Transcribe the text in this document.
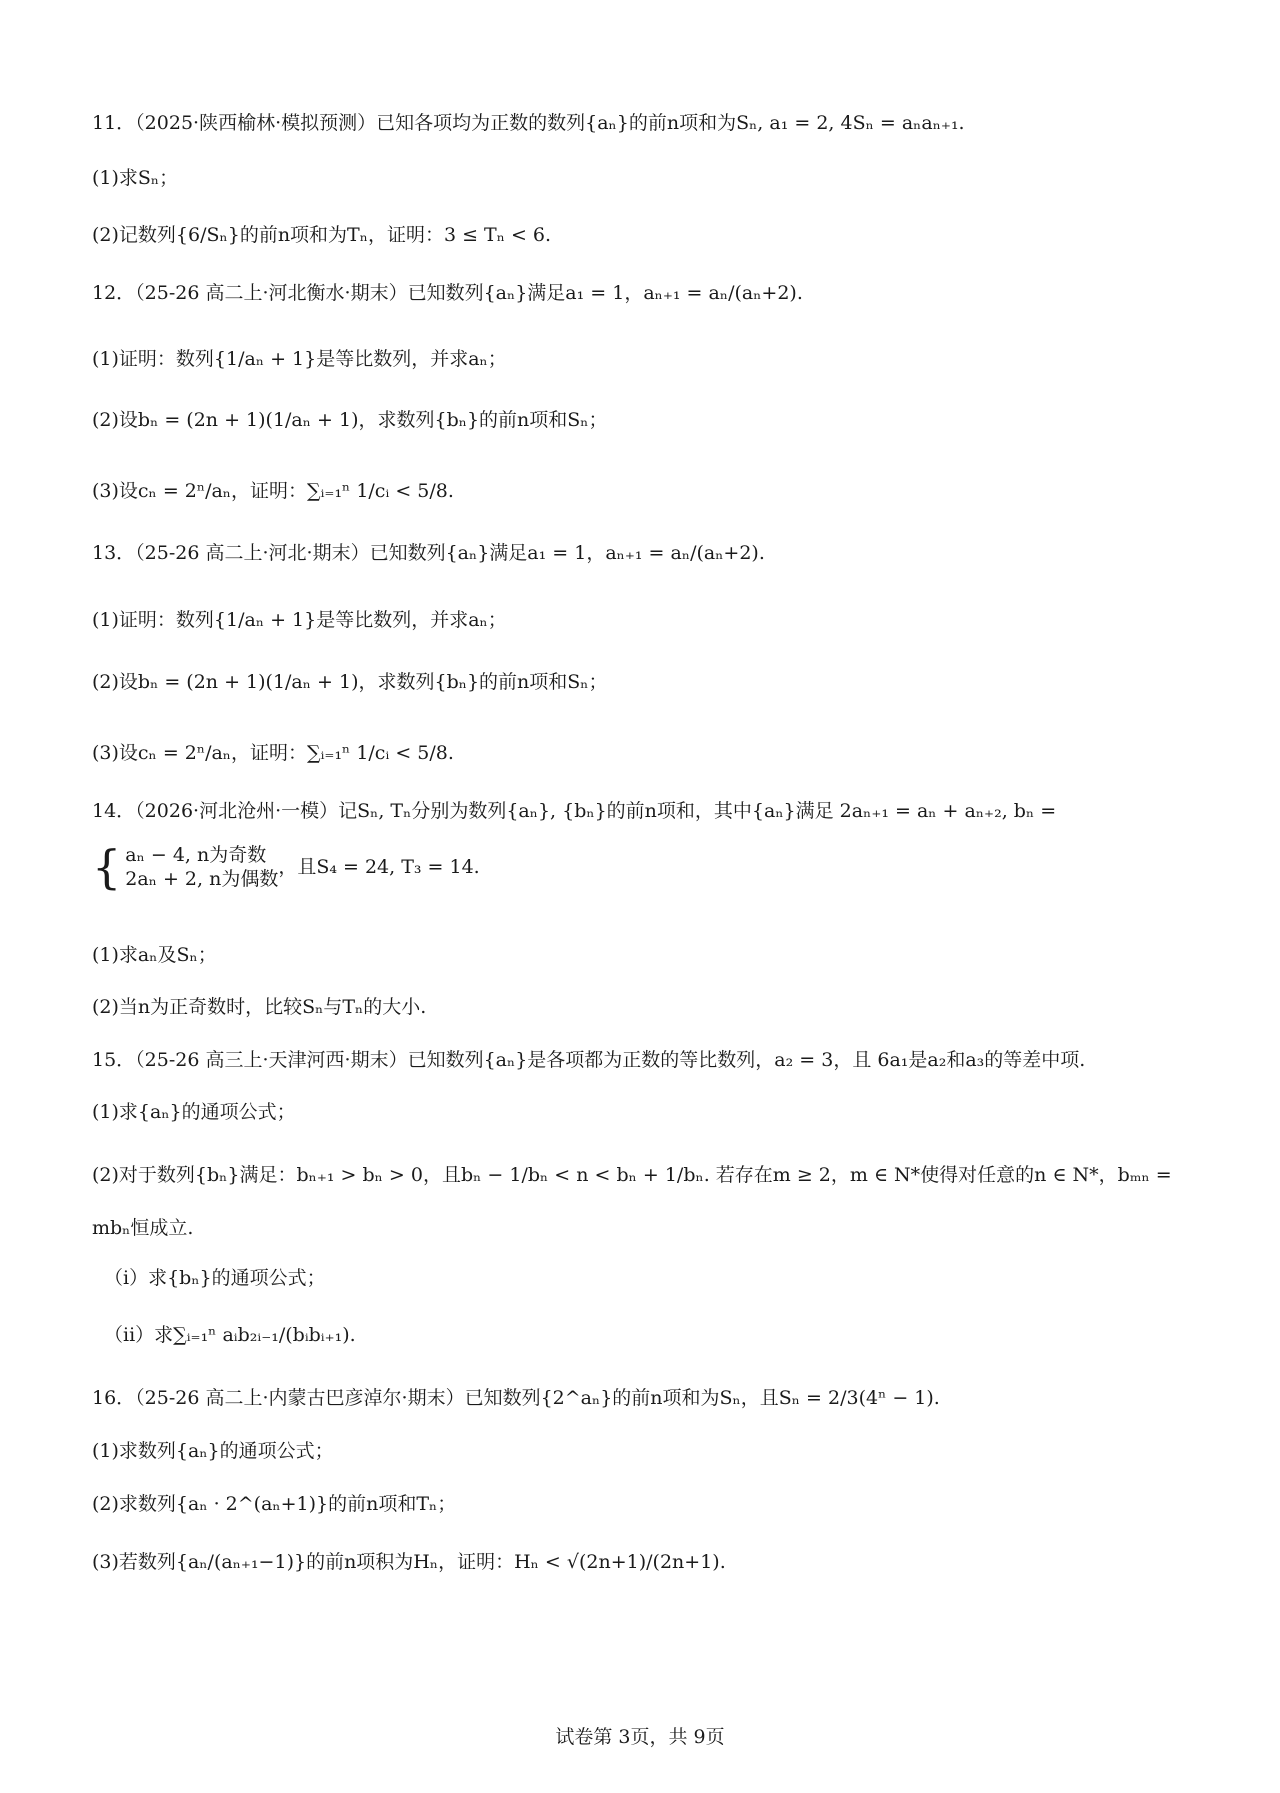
11．（2025·陕西榆林·模拟预测）已知各项均为正数的数列{aₙ}的前n项和为Sₙ, a₁ = 2, 4Sₙ = aₙaₙ₊₁.
(1)求Sₙ；
(2)记数列{6/Sₙ}的前n项和为Tₙ，证明：3 ≤ Tₙ < 6.
12．（25-26 高二上·河北衡水·期末）已知数列{aₙ}满足a₁ = 1，aₙ₊₁ = aₙ/(aₙ+2).
(1)证明：数列{1/aₙ + 1}是等比数列，并求aₙ；
(2)设bₙ = (2n + 1)(1/aₙ + 1)，求数列{bₙ}的前n项和Sₙ；
(3)设cₙ = 2ⁿ/aₙ，证明：∑ᵢ₌₁ⁿ 1/cᵢ < 5/8.
13．（25-26 高二上·河北·期末）已知数列{aₙ}满足a₁ = 1，aₙ₊₁ = aₙ/(aₙ+2).
(1)证明：数列{1/aₙ + 1}是等比数列，并求aₙ；
(2)设bₙ = (2n + 1)(1/aₙ + 1)，求数列{bₙ}的前n项和Sₙ；
(3)设cₙ = 2ⁿ/aₙ，证明：∑ᵢ₌₁ⁿ 1/cᵢ < 5/8.
14．（2026·河北沧州·一模）记Sₙ, Tₙ分别为数列{aₙ}, {bₙ}的前n项和，其中{aₙ}满足 2aₙ₊₁ = aₙ + aₙ₊₂, bₙ =
{ aₙ − 4, n为奇数
2aₙ + 2, n为偶数
，且S₄ = 24, T₃ = 14.
(1)求aₙ及Sₙ；
(2)当n为正奇数时，比较Sₙ与Tₙ的大小.
15．（25-26 高三上·天津河西·期末）已知数列{aₙ}是各项都为正数的等比数列，a₂ = 3，且 6a₁是a₂和a₃的等差中项.
(1)求{aₙ}的通项公式；
(2)对于数列{bₙ}满足：bₙ₊₁ > bₙ > 0，且bₙ − 1/bₙ < n < bₙ + 1/bₙ. 若存在m ≥ 2，m ∈ N*使得对任意的n ∈ N*，bₘₙ =
mbₙ恒成立.
（i）求{bₙ}的通项公式；
（ii）求∑ᵢ₌₁ⁿ aᵢb₂ᵢ₋₁/(bᵢbᵢ₊₁).
16．（25-26 高二上·内蒙古巴彦淖尔·期末）已知数列{2^aₙ}的前n项和为Sₙ，且Sₙ = 2/3(4ⁿ − 1).
(1)求数列{aₙ}的通项公式；
(2)求数列{aₙ · 2^(aₙ+1)}的前n项和Tₙ；
(3)若数列{aₙ/(aₙ₊₁−1)}的前n项积为Hₙ，证明：Hₙ < √(2n+1)/(2n+1).
试卷第 3页，共 9页
